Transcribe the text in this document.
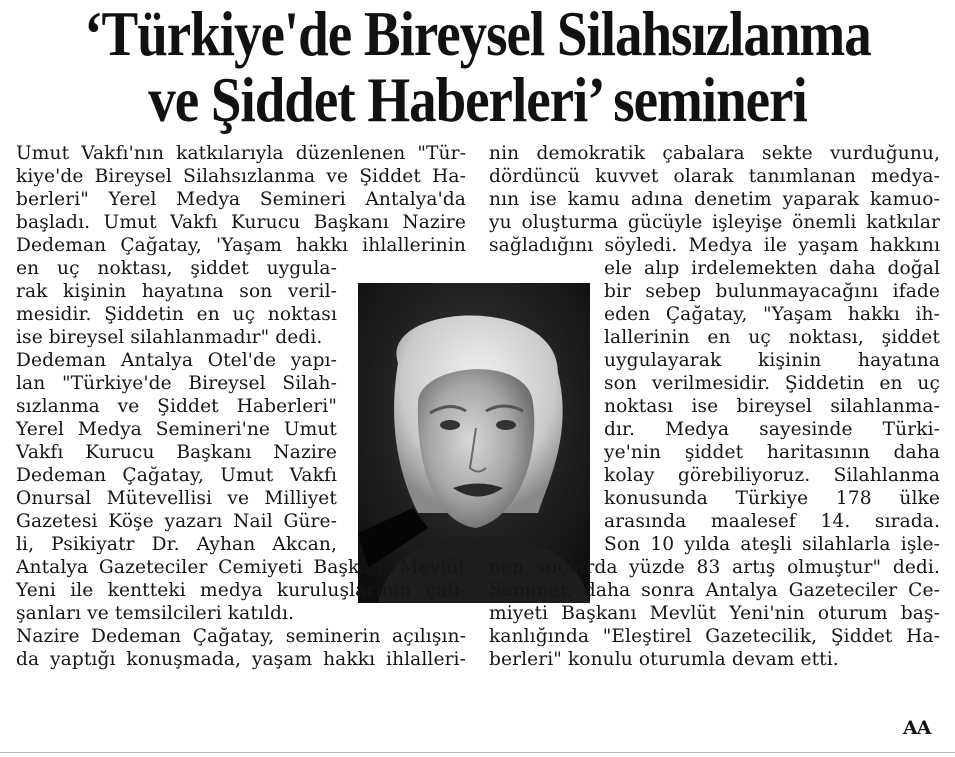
‘Türkiye'de Bireysel Silahsızlanma
ve Şiddet Haberleri’ semineri
Umut Vakfı'nın katkılarıyla düzenlenen "Tür-
kiye'de Bireysel Silahsızlanma ve Şiddet Ha-
berleri" Yerel Medya Semineri Antalya'da
başladı. Umut Vakfı Kurucu Başkanı Nazire
Dedeman Çağatay, 'Yaşam hakkı ihlallerinin
en uç noktası, şiddet uygula-
rak kişinin hayatına son veril-
mesidir. Şiddetin en uç noktası
ise bireysel silahlanmadır" dedi.
Dedeman Antalya Otel'de yapı-
lan "Türkiye'de Bireysel Silah-
sızlanma ve Şiddet Haberleri"
Yerel Medya Semineri'ne Umut
Vakfı Kurucu Başkanı Nazire
Dedeman Çağatay, Umut Vakfı
Onursal Mütevellisi ve Milliyet
Gazetesi Köşe yazarı Nail Güre-
li, Psikiyatr Dr. Ayhan Akcan,
Antalya Gazeteciler Cemiyeti Başkanı Mevlüt
Yeni ile kentteki medya kuruluşlarının çalı-
şanları ve temsilcileri katıldı.
Nazire Dedeman Çağatay, seminerin açılışın-
da yaptığı konuşmada, yaşam hakkı ihlalleri-
nin demokratik çabalara sekte vurduğunu,
dördüncü kuvvet olarak tanımlanan medya-
nın ise kamu adına denetim yaparak kamuo-
yu oluşturma gücüyle işleyişe önemli katkılar
sağladığını söyledi. Medya ile yaşam hakkını
ele alıp irdelemekten daha doğal
bir sebep bulunmayacağını ifade
eden Çağatay, "Yaşam hakkı ih-
lallerinin en uç noktası, şiddet
uygulayarak kişinin hayatına
son verilmesidir. Şiddetin en uç
noktası ise bireysel silahlanma-
dır. Medya sayesinde Türki-
ye'nin şiddet haritasının daha
kolay görebiliyoruz. Silahlanma
konusunda Türkiye 178 ülke
arasında maalesef 14. sırada.
Son 10 yılda ateşli silahlarla işle-
nen suçlarda yüzde 83 artış olmuştur" dedi.
Seminer, daha sonra Antalya Gazeteciler Ce-
miyeti Başkanı Mevlüt Yeni'nin oturum baş-
kanlığında "Eleştirel Gazetecilik, Şiddet Ha-
berleri" konulu oturumla devam etti.
AA
